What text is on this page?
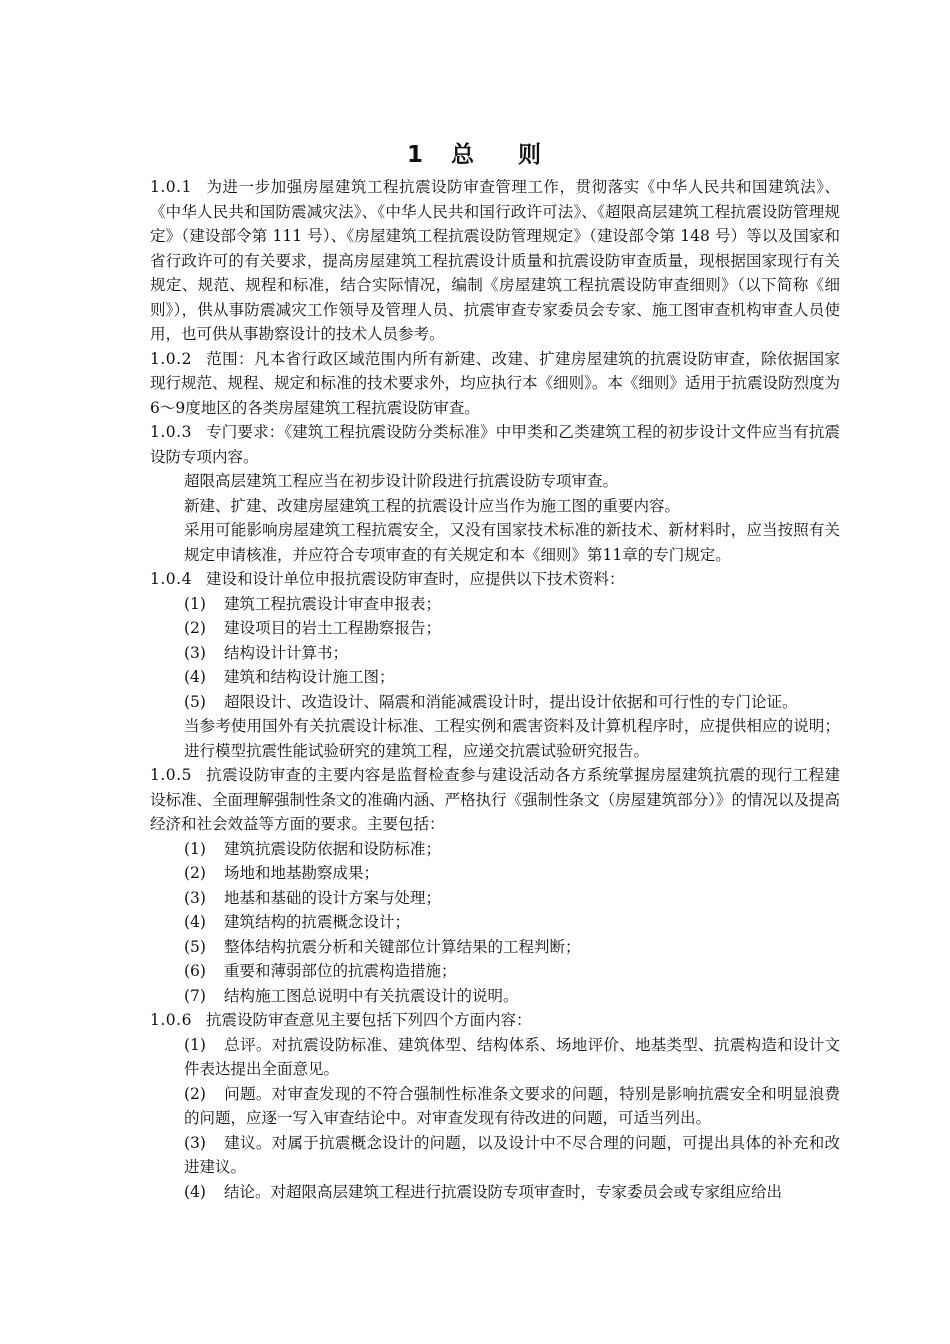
1 总 则

1.0.1 为进一步加强房屋建筑工程抗震设防审查管理工作，贯彻落实《中华人民共和国建筑法》、《中华人民共和国防震减灾法》、《中华人民共和国行政许可法》、《超限高层建筑工程抗震设防管理规定》（建设部令第 111 号）、《房屋建筑工程抗震设防管理规定》（建设部令第 148 号）等以及国家和省行政许可的有关要求，提高房屋建筑工程抗震设计质量和抗震设防审查质量，现根据国家现行有关规定、规范、规程和标准，结合实际情况，编制《房屋建筑工程抗震设防审查细则》（以下简称《细则》），供从事防震减灾工作领导及管理人员、抗震审查专家委员会专家、施工图审查机构审查人员使用，也可供从事勘察设计的技术人员参考。

1.0.2 范围：凡本省行政区域范围内所有新建、改建、扩建房屋建筑的抗震设防审查，除依据国家现行规范、规程、规定和标准的技术要求外，均应执行本《细则》。本《细则》适用于抗震设防烈度为6～9度地区的各类房屋建筑工程抗震设防审查。

1.0.3 专门要求：《建筑工程抗震设防分类标准》中甲类和乙类建筑工程的初步设计文件应当有抗震设防专项内容。

超限高层建筑工程应当在初步设计阶段进行抗震设防专项审查。

新建、扩建、改建房屋建筑工程的抗震设计应当作为施工图的重要内容。

采用可能影响房屋建筑工程抗震安全，又没有国家技术标准的新技术、新材料时，应当按照有关规定申请核准，并应符合专项审查的有关规定和本《细则》第11章的专门规定。

1.0.4 建设和设计单位申报抗震设防审查时，应提供以下技术资料：

(1) 建筑工程抗震设计审查申报表；

(2) 建设项目的岩土工程勘察报告；

(3) 结构设计计算书；

(4) 建筑和结构设计施工图；

(5) 超限设计、改造设计、隔震和消能减震设计时，提出设计依据和可行性的专门论证。

当参考使用国外有关抗震设计标准、工程实例和震害资料及计算机程序时，应提供相应的说明；进行模型抗震性能试验研究的建筑工程，应递交抗震试验研究报告。

1.0.5 抗震设防审查的主要内容是监督检查参与建设活动各方系统掌握房屋建筑抗震的现行工程建设标准、全面理解强制性条文的准确内涵、严格执行《强制性条文（房屋建筑部分）》的情况以及提高经济和社会效益等方面的要求。主要包括：

(1) 建筑抗震设防依据和设防标准；

(2) 场地和地基勘察成果；

(3) 地基和基础的设计方案与处理；

(4) 建筑结构的抗震概念设计；

(5) 整体结构抗震分析和关键部位计算结果的工程判断；

(6) 重要和薄弱部位的抗震构造措施；

(7) 结构施工图总说明中有关抗震设计的说明。

1.0.6 抗震设防审查意见主要包括下列四个方面内容：

(1) 总评。对抗震设防标准、建筑体型、结构体系、场地评价、地基类型、抗震构造和设计文件表达提出全面意见。

(2) 问题。对审查发现的不符合强制性标准条文要求的问题，特别是影响抗震安全和明显浪费的问题，应逐一写入审查结论中。对审查发现有待改进的问题，可适当列出。

(3) 建议。对属于抗震概念设计的问题，以及设计中不尽合理的问题，可提出具体的补充和改进建议。

(4) 结论。对超限高层建筑工程进行抗震设防专项审查时，专家委员会或专家组应给出
